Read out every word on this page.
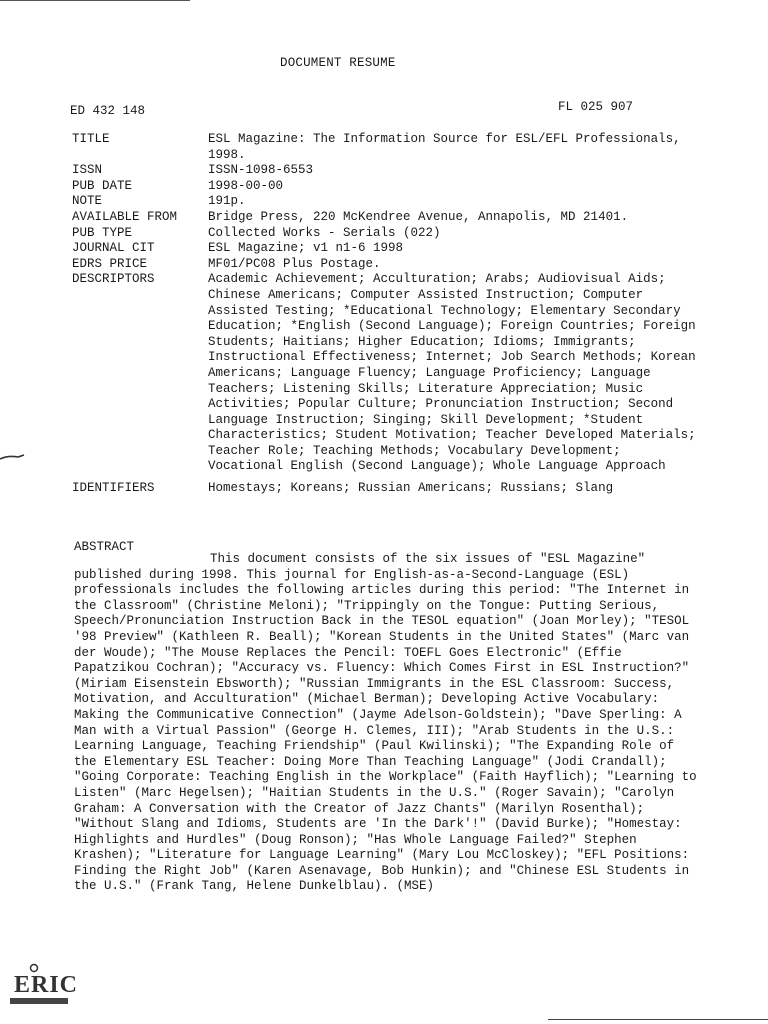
DOCUMENT RESUME
ED 432 148	FL 025 907
TITLE	ESL Magazine: The Information Source for ESL/EFL Professionals, 1998.
ISSN	ISSN-1098-6553
PUB DATE	1998-00-00
NOTE	191p.
AVAILABLE FROM	Bridge Press, 220 McKendree Avenue, Annapolis, MD 21401.
PUB TYPE	Collected Works - Serials (022)
JOURNAL CIT	ESL Magazine; v1 n1-6 1998
EDRS PRICE	MF01/PC08 Plus Postage.
DESCRIPTORS	Academic Achievement; Acculturation; Arabs; Audiovisual Aids; Chinese Americans; Computer Assisted Instruction; Computer Assisted Testing; *Educational Technology; Elementary Secondary Education; *English (Second Language); Foreign Countries; Foreign Students; Haitians; Higher Education; Idioms; Immigrants; Instructional Effectiveness; Internet; Job Search Methods; Korean Americans; Language Fluency; Language Proficiency; Language Teachers; Listening Skills; Literature Appreciation; Music Activities; Popular Culture; Pronunciation Instruction; Second Language Instruction; Singing; Skill Development; *Student Characteristics; Student Motivation; Teacher Developed Materials; Teacher Role; Teaching Methods; Vocabulary Development; Vocational English (Second Language); Whole Language Approach
IDENTIFIERS	Homestays; Koreans; Russian Americans; Russians; Slang
ABSTRACT
This document consists of the six issues of "ESL Magazine" published during 1998. This journal for English-as-a-Second-Language (ESL) professionals includes the following articles during this period: "The Internet in the Classroom" (Christine Meloni); "Trippingly on the Tongue: Putting Serious, Speech/Pronunciation Instruction Back in the TESOL equation" (Joan Morley); "TESOL '98 Preview" (Kathleen R. Beall); "Korean Students in the United States" (Marc van der Woude); "The Mouse Replaces the Pencil: TOEFL Goes Electronic" (Effie Papatzikou Cochran); "Accuracy vs. Fluency: Which Comes First in ESL Instruction?" (Miriam Eisenstein Ebsworth); "Russian Immigrants in the ESL Classroom: Success, Motivation, and Acculturation" (Michael Berman); Developing Active Vocabulary: Making the Communicative Connection" (Jayme Adelson-Goldstein); "Dave Sperling: A Man with a Virtual Passion" (George H. Clemes, III); "Arab Students in the U.S.: Learning Language, Teaching Friendship" (Paul Kwilinski); "The Expanding Role of the Elementary ESL Teacher: Doing More Than Teaching Language" (Jodi Crandall); "Going Corporate: Teaching English in the Workplace" (Faith Hayflich); "Learning to Listen" (Marc Hegelsen); "Haitian Students in the U.S." (Roger Savain); "Carolyn Graham: A Conversation with the Creator of Jazz Chants" (Marilyn Rosenthal); "Without Slang and Idioms, Students are 'In the Dark'!" (David Burke); "Homestay: Highlights and Hurdles" (Doug Ronson); "Has Whole Language Failed?" Stephen Krashen); "Literature for Language Learning" (Mary Lou McCloskey); "EFL Positions: Finding the Right Job" (Karen Asenavage, Bob Hunkin); and "Chinese ESL Students in the U.S." (Frank Tang, Helene Dunkelblau). (MSE)
ERIC
